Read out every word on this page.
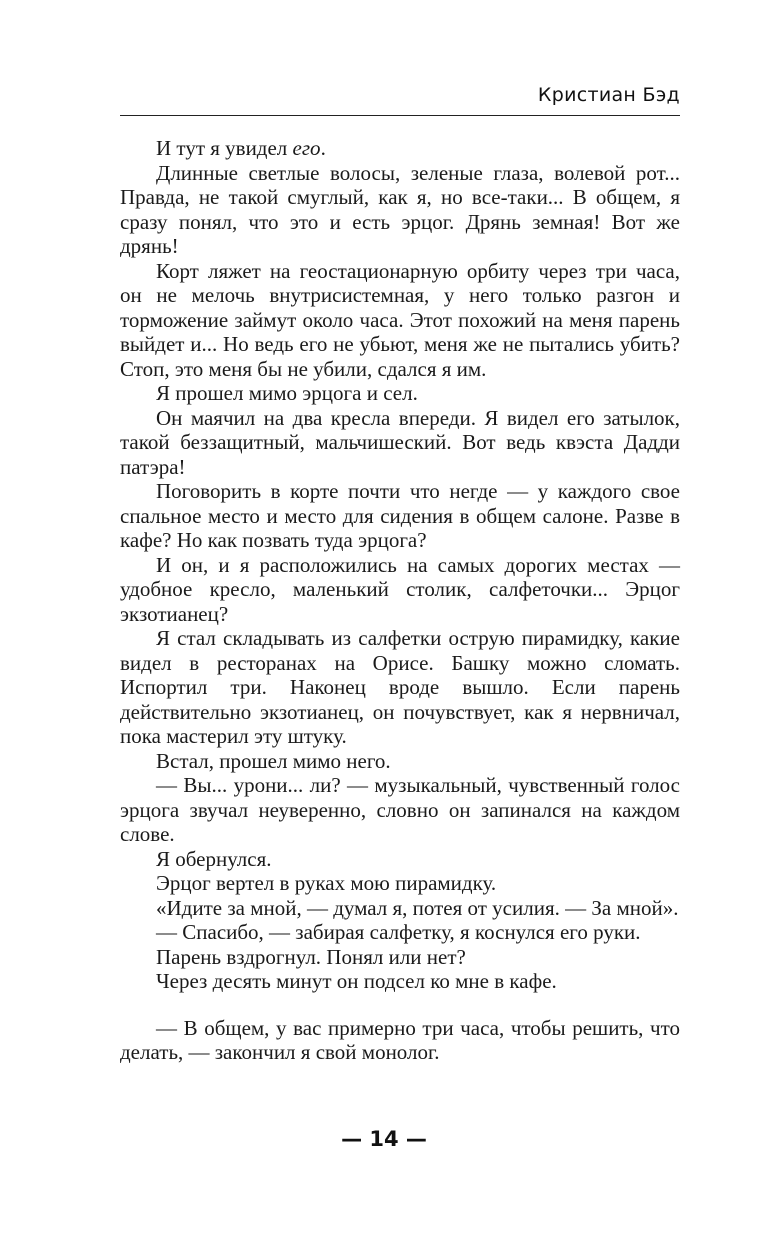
Кристиан Бэд

И тут я увидел его.

Длинные светлые волосы, зеленые глаза, волевой рот... Правда, не такой смуглый, как я, но все-таки... В общем, я сразу понял, что это и есть эрцог. Дрянь земная! Вот же дрянь!

Корт ляжет на геостационарную орбиту через три часа, он не мелочь внутрисистемная, у него только разгон и торможение займут около часа. Этот похожий на меня парень выйдет и... Но ведь его не убьют, меня же не пытались убить? Стоп, это меня бы не убили, сдался я им.

Я прошел мимо эрцога и сел.

Он маячил на два кресла впереди. Я видел его затылок, такой беззащитный, мальчишеский. Вот ведь квэста Дадди патэра!

Поговорить в корте почти что негде — у каждого свое спальное место и место для сидения в общем салоне. Разве в кафе? Но как позвать туда эрцога?

И он, и я расположились на самых дорогих местах — удобное кресло, маленький столик, салфеточки... Эрцог экзотианец?

Я стал складывать из салфетки острую пирамидку, какие видел в ресторанах на Орисе. Башку можно сломать. Испортил три. Наконец вроде вышло. Если парень действительно экзотианец, он почувствует, как я нервничал, пока мастерил эту штуку.

Встал, прошел мимо него.

— Вы... урони... ли? — музыкальный, чувственный голос эрцога звучал неуверенно, словно он запинался на каждом слове.

Я обернулся.

Эрцог вертел в руках мою пирамидку.

«Идите за мной, — думал я, потея от усилия. — За мной».

— Спасибо, — забирая салфетку, я коснулся его руки.

Парень вздрогнул. Понял или нет?

Через десять минут он подсел ко мне в кафе.

— В общем, у вас примерно три часа, чтобы решить, что делать, — закончил я свой монолог.

— 14 —
